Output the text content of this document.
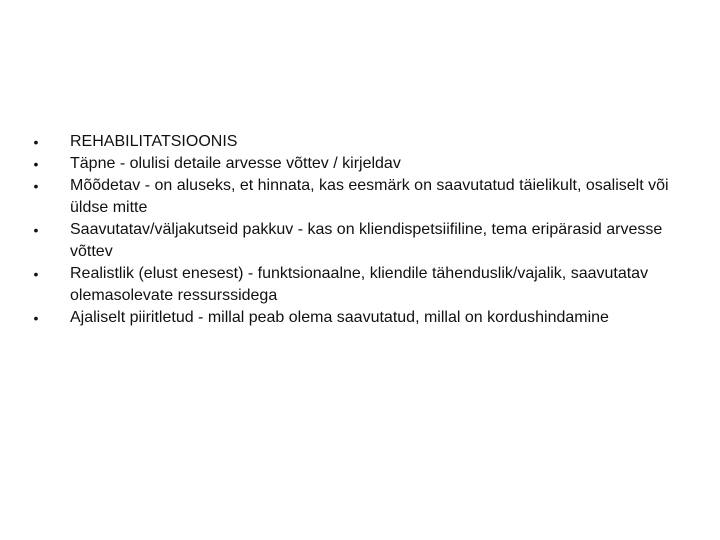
• REHABILITATSIOONIS
• Täpne - olulisi detaile arvesse võttev / kirjeldav
• Mõõdetav - on aluseks, et hinnata, kas eesmärk on saavutatud täielikult, osaliselt või üldse mitte
• Saavutatav/väljakutseid pakkuv - kas on kliendispetsiifiline, tema eripärasid arvesse võttev
• Realistlik (elust enesest) - funktsionaalne, kliendile tähenduslik/vajalik, saavutatav olemasolevate ressurssidega
• Ajaliselt piiritletud - millal peab olema saavutatud, millal on kordushindamine
